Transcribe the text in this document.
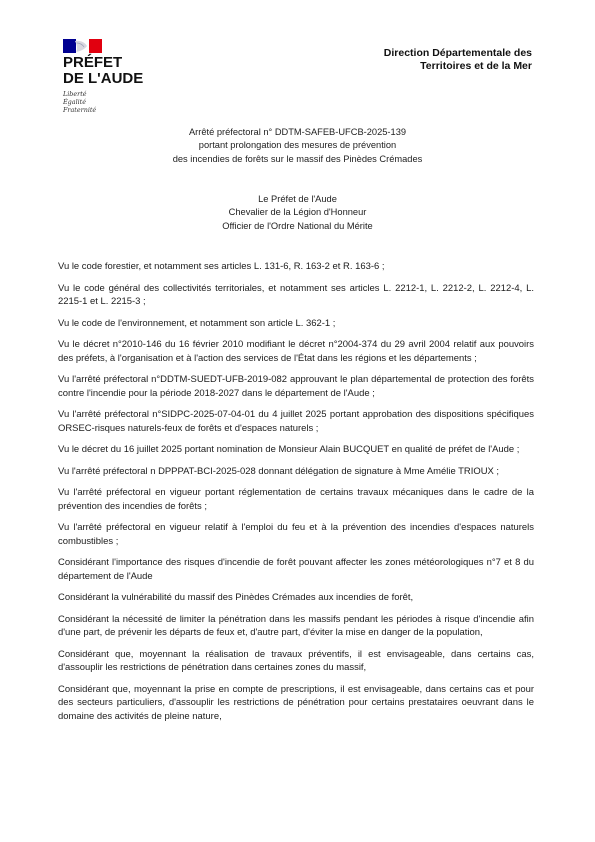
PRÉFET
DE L'AUDE
Liberté
Égalité
Fraternité
Direction Départementale des
Territoires et de la Mer
Arrêté préfectoral n° DDTM-SAFEB-UFCB-2025-139
portant prolongation des mesures de prévention
des incendies de forêts sur le massif des Pinèdes Crémades
Le Préfet de l'Aude
Chevalier de la Légion d'Honneur
Officier de l'Ordre National du Mérite

Vu le code forestier, et notamment ses articles L. 131-6, R. 163-2 et R. 163-6 ;

Vu le code général des collectivités territoriales, et notamment ses articles L. 2212-1, L. 2212-2, L. 2212-4, L. 2215-1 et L. 2215-3 ;

Vu le code de l'environnement, et notamment son article L. 362-1 ;

Vu le décret n°2010-146 du 16 février 2010 modifiant le décret n°2004-374 du 29 avril 2004 relatif aux pouvoirs des préfets, à l'organisation et à l'action des services de l'État dans les régions et les départements ;

Vu l'arrêté préfectoral n°DDTM-SUEDT-UFB-2019-082 approuvant le plan départemental de protection des forêts contre l'incendie pour la période 2018-2027 dans le département de l'Aude ;

Vu l'arrêté préfectoral n°SIDPC-2025-07-04-01 du 4 juillet 2025 portant approbation des dispositions spécifiques ORSEC-risques naturels-feux de forêts et d'espaces naturels ;

Vu le décret du 16 juillet 2025 portant nomination de Monsieur Alain BUCQUET en qualité de préfet de l'Aude ;

Vu l'arrêté préfectoral n DPPPAT-BCI-2025-028 donnant délégation de signature à Mme Amélie TRIOUX ;

Vu l'arrêté préfectoral en vigueur portant réglementation de certains travaux mécaniques dans le cadre de la prévention des incendies de forêts ;

Vu l'arrêté préfectoral en vigueur relatif à l'emploi du feu et à la prévention des incendies d'espaces naturels combustibles ;

Considérant l'importance des risques d'incendie de forêt pouvant affecter les zones météorologiques n°7 et 8 du département de l'Aude

Considérant la vulnérabilité du massif des Pinèdes Crémades aux incendies de forêt,

Considérant la nécessité de limiter la pénétration dans les massifs pendant les périodes à risque d'incendie afin d'une part, de prévenir les départs de feux et, d'autre part, d'éviter la mise en danger de la population,

Considérant que, moyennant la réalisation de travaux préventifs, il est envisageable, dans certains cas, d'assouplir les restrictions de pénétration dans certaines zones du massif,

Considérant que, moyennant la prise en compte de prescriptions, il est envisageable, dans certains cas et pour des secteurs particuliers, d'assouplir les restrictions de pénétration pour certains prestataires oeuvrant dans le domaine des activités de pleine nature,
